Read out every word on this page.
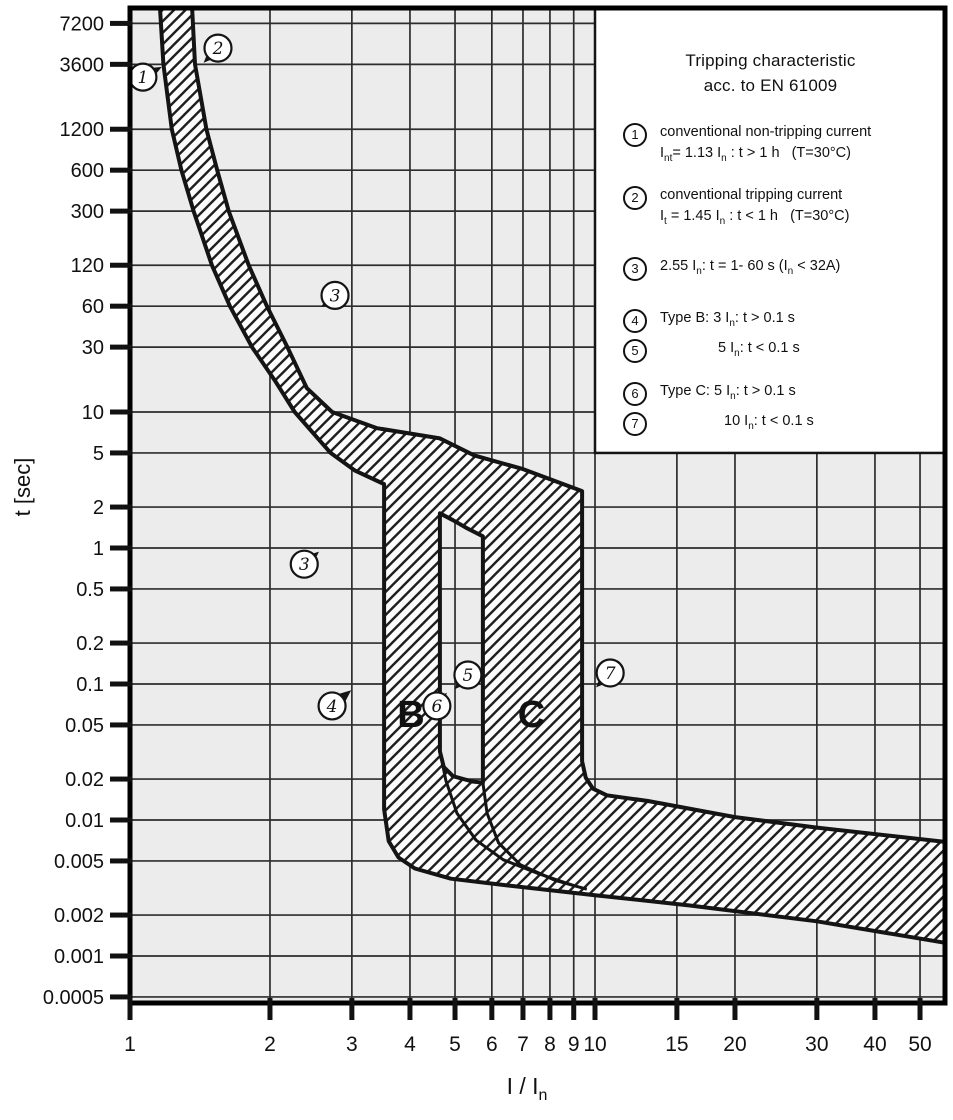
1
2
3
3
4
5
6
7
B C
1	2	3 4 5 6 7 8 9 10	15 20	30 40 50
7200
3600
1200
600
300
120
60
30
10
5
2
1
0.5
0.2
0.1
0.05
0.02
0.01
0.005
0.002
0.001
0.0005
t [sec]
I / $I_n$
Tripping characteristic
acc. to EN 61009
1	conventional non-tripping current
$I_{nt}= 1.13$ $I_n$ : t > 1 h   (T=30°C)
2	conventional tripping current
$I_t = 1.45$ $I_n$ : t < 1 h   (T=30°C)
3	2.55 $I_n$: t = 1- 60 s $(I_n < 32A)$
4	Type B: 3 $I_n$: t > 0.1 s
5	5 $I_n$: t < 0.1 s
6	Type C: 5 $I_n$: t > 0.1 s
7	10 $I_n$: t < 0.1 s
